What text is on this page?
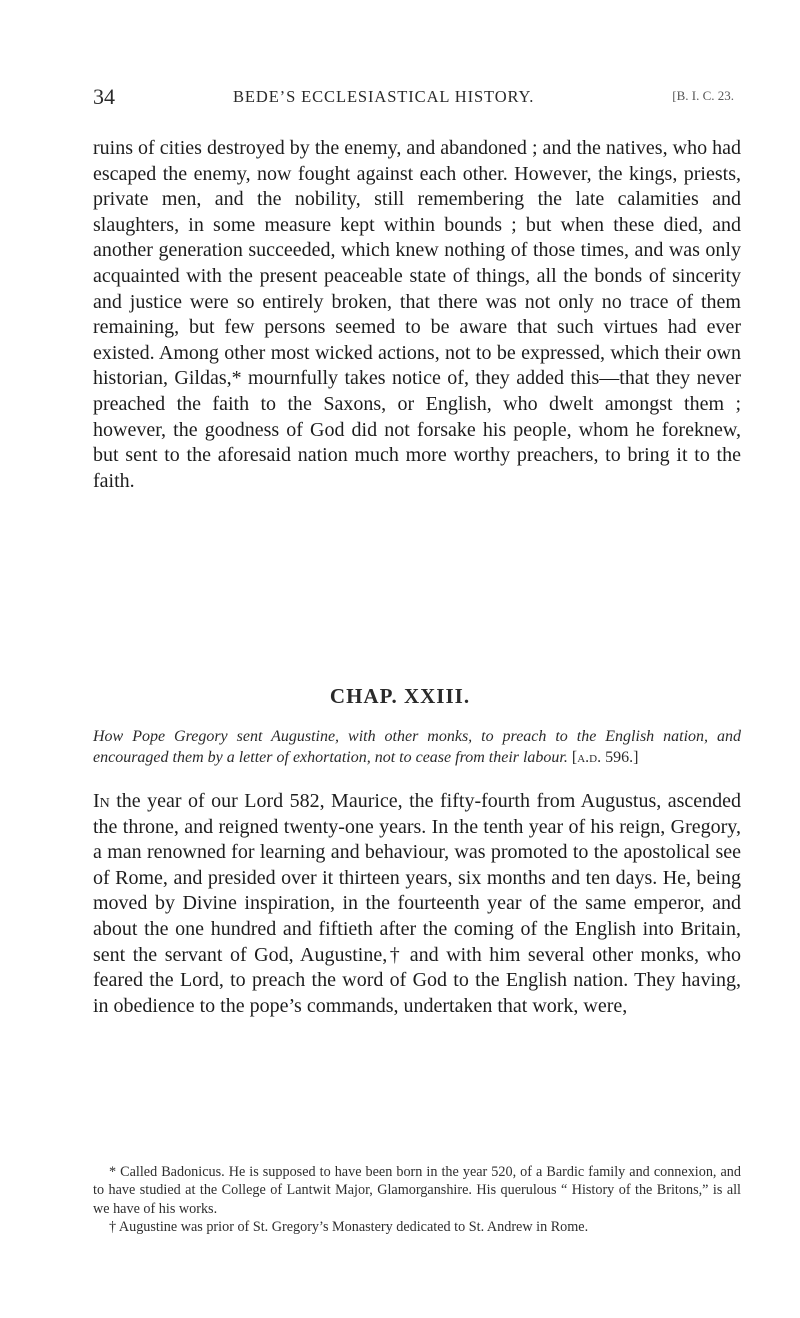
34	BEDE’S ECCLESIASTICAL HISTORY.	[B. I. C. 23.

ruins of cities destroyed by the enemy, and abandoned ; and the natives, who had escaped the enemy, now fought against each other. However, the kings, priests, private men, and the nobility, still remembering the late calamities and slaughters, in some measure kept within bounds ; but when these died, and another generation succeeded, which knew nothing of those times, and was only acquainted with the present peaceable state of things, all the bonds of sincerity and justice were so entirely broken, that there was not only no trace of them remaining, but few persons seemed to be aware that such virtues had ever existed. Among other most wicked actions, not to be expressed, which their own historian, Gildas,* mournfully takes notice of, they added this—that they never preached the faith to the Saxons, or English, who dwelt amongst them ; however, the goodness of God did not forsake his people, whom he foreknew, but sent to the aforesaid nation much more worthy preachers, to bring it to the faith.

CHAP. XXIII.

How Pope Gregory sent Augustine, with other monks, to preach to the English nation, and encouraged them by a letter of exhortation, not to cease from their labour. [a.d. 596.]

In the year of our Lord 582, Maurice, the fifty-fourth from Augustus, ascended the throne, and reigned twenty-one years. In the tenth year of his reign, Gregory, a man renowned for learning and behaviour, was promoted to the apostolical see of Rome, and presided over it thirteen years, six months and ten days. He, being moved by Divine inspiration, in the fourteenth year of the same emperor, and about the one hundred and fiftieth after the coming of the English into Britain, sent the servant of God, Augustine,† and with him several other monks, who feared the Lord, to preach the word of God to the English nation. They having, in obedience to the pope’s commands, undertaken that work, were,

* Called Badonicus. He is supposed to have been born in the year 520, of a Bardic family and connexion, and to have studied at the College of Lantwit Major, Glamorganshire. His querulous “ History of the Britons,” is all we have of his works.

† Augustine was prior of St. Gregory’s Monastery dedicated to St. Andrew in Rome.
